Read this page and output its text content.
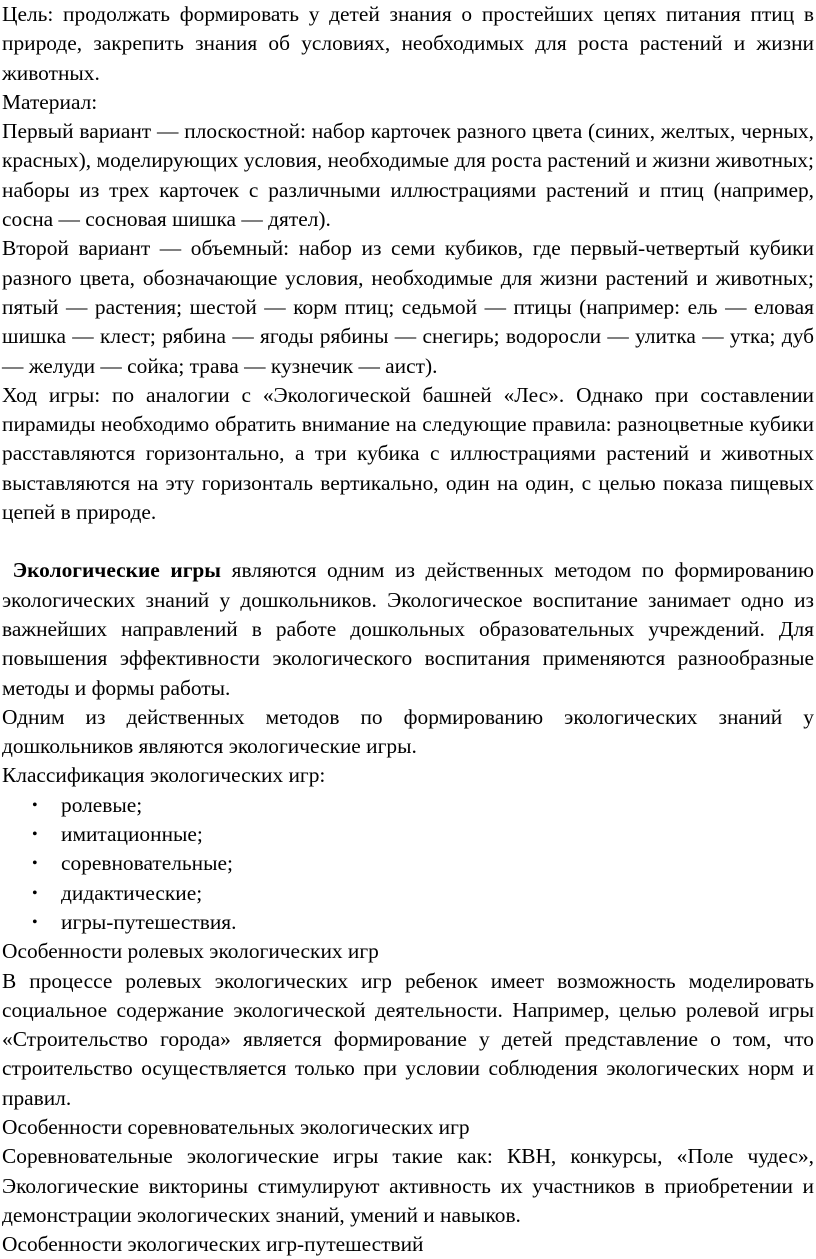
Цель: продолжать формировать у детей знания о простейших цепях питания птиц в природе, закрепить знания об условиях, необходимых для роста растений и жизни животных.

Материал:

Первый вариант — плоскостной: набор карточек разного цвета (синих, желтых, черных, красных), моделирующих условия, необходимые для роста растений и жизни животных; наборы из трех карточек с различными иллюстрациями растений и птиц (например, сосна — сосновая шишка — дятел).

Второй вариант — объемный: набор из семи кубиков, где первый-четвертый кубики разного цвета, обозначающие условия, необходимые для жизни растений и животных; пятый — растения; шестой — корм птиц; седьмой — птицы (например: ель — еловая шишка — клест; рябина — ягоды рябины — снегирь; водоросли — улитка — утка; дуб — желуди — сойка; трава — кузнечик — аист).

Ход игры: по аналогии с «Экологической башней «Лес». Однако при составлении пирамиды необходимо обратить внимание на следующие правила: разноцветные кубики расставляются горизонтально, а три кубика с иллюстрациями растений и животных выставляются на эту горизонталь вертикально, один на один, с целью показа пищевых цепей в природе.

Экологические игры являются одним из действенных методом по формированию экологических знаний у дошкольников. Экологическое воспитание занимает одно из важнейших направлений в работе дошкольных образовательных учреждений. Для повышения эффективности экологического воспитания применяются разнообразные методы и формы работы.

Одним из действенных методов по формированию экологических знаний у дошкольников являются экологические игры.

Классификация экологических игр:

• ролевые;
• имитационные;
• соревновательные;
• дидактические;
• игры-путешествия.

Особенности ролевых экологических игр

В процессе ролевых экологических игр ребенок имеет возможность моделировать социальное содержание экологической деятельности. Например, целью ролевой игры «Строительство города» является формирование у детей представление о том, что строительство осуществляется только при условии соблюдения экологических норм и правил.

Особенности соревновательных экологических игр

Соревновательные экологические игры такие как: КВН, конкурсы, «Поле чудес», Экологические викторины стимулируют активность их участников в приобретении и демонстрации экологических знаний, умений и навыков.

Особенности экологических игр-путешествий
